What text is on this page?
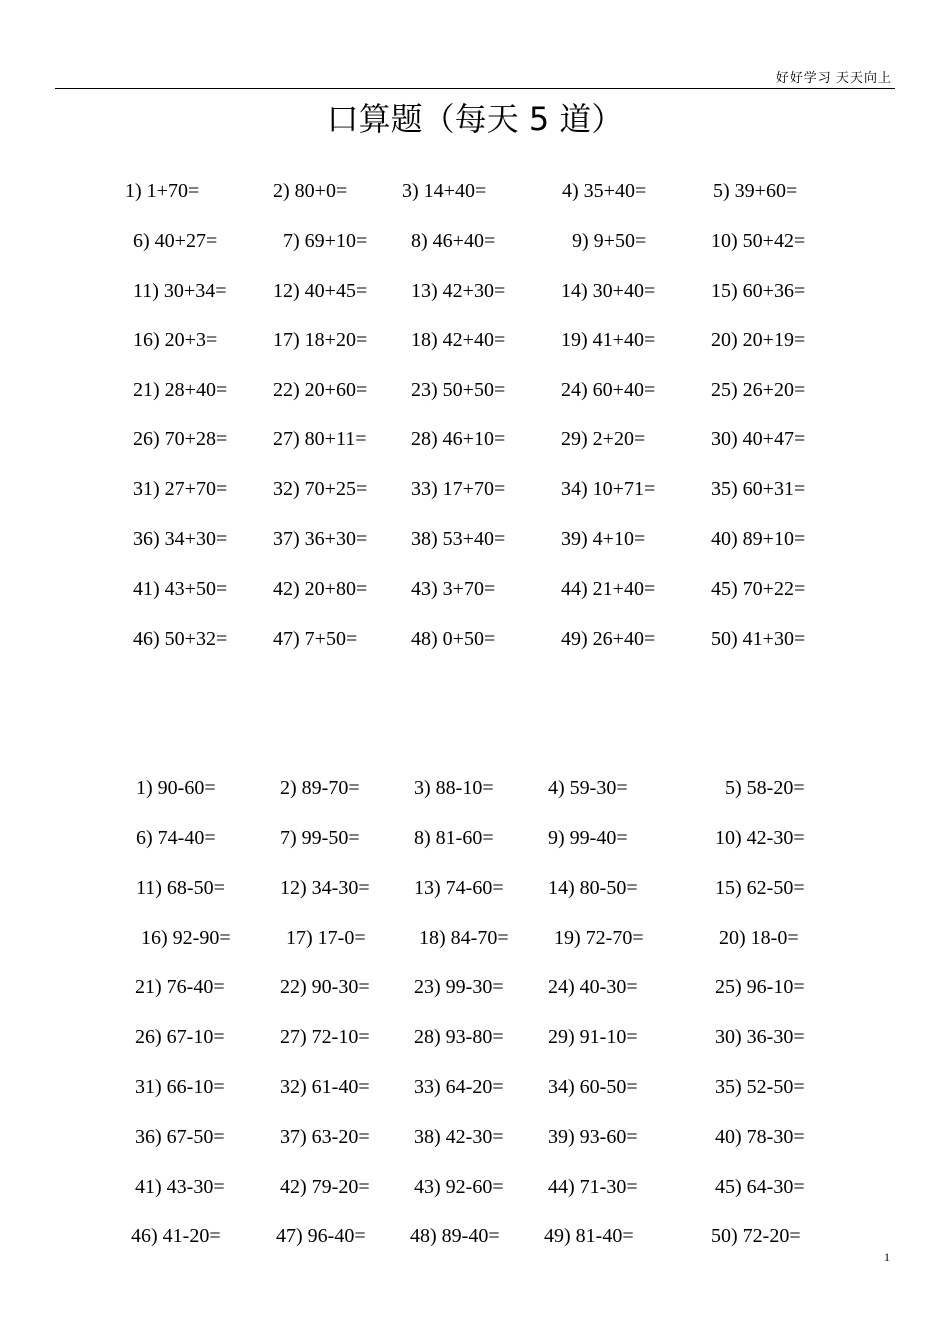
好好学习 天天向上
口算题（每天 5 道）
1) 1+70=	2) 80+0=	3) 14+40=	4) 35+40=	5) 39+60=
6) 40+27=	7) 69+10= 8) 46+40=	9) 9+50=	10) 50+42=
11) 30+34= 12) 40+45= 13) 42+30=	14) 30+40=	15) 60+36=
16) 20+3=	17) 18+20= 18) 42+40=	19) 41+40=	20) 20+19=
21) 28+40= 22) 20+60= 23) 50+50=	24) 60+40=	25) 26+20=
26) 70+28= 27) 80+11= 28) 46+10=	29) 2+20=	30) 40+47=
31) 27+70= 32) 70+25= 33) 17+70=	34) 10+71=	35) 60+31=
36) 34+30= 37) 36+30= 38) 53+40=	39) 4+10=	40) 89+10=
41) 43+50= 42) 20+80= 43) 3+70=	44) 21+40=	45) 70+22=
46) 50+32= 47) 7+50=	48) 0+50=	49) 26+40=	50) 41+30=
1) 90-60=	2) 89-70=	3) 88-10=	4) 59-30=	5) 58-20=
6) 74-40=	7) 99-50=	8) 81-60=	9) 99-40=	10) 42-30=
11) 68-50=	12) 34-30= 13) 74-60= 14) 80-50=	15) 62-50=
16) 92-90=	17) 17-0=	18) 84-70= 19) 72-70=	20) 18-0=
21) 76-40=	22) 90-30= 23) 99-30= 24) 40-30=	25) 96-10=
26) 67-10=	27) 72-10= 28) 93-80= 29) 91-10=	30) 36-30=
31) 66-10=	32) 61-40= 33) 64-20= 34) 60-50=	35) 52-50=
36) 67-50=	37) 63-20= 38) 42-30= 39) 93-60=	40) 78-30=
41) 43-30=	42) 79-20= 43) 92-60= 44) 71-30=	45) 64-30=
46) 41-20=	47) 96-40= 48) 89-40= 49) 81-40=	50) 72-20=
1
